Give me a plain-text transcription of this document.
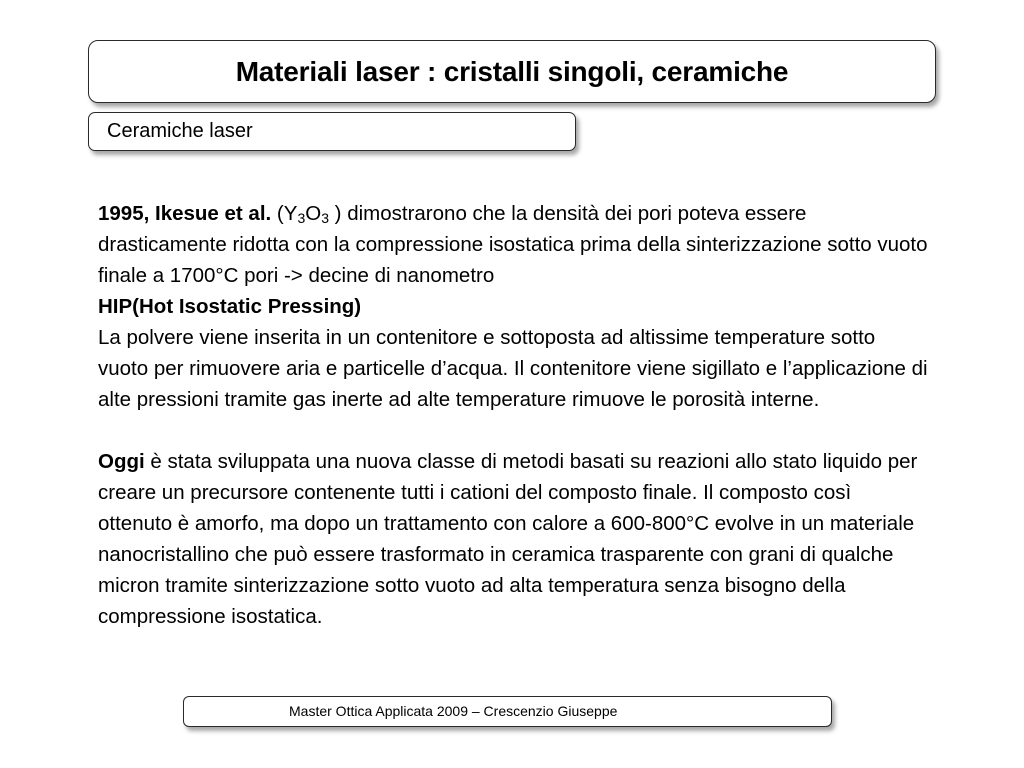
Materiali laser : cristalli singoli, ceramiche
Ceramiche laser

1995, Ikesue et al. ($Y_3O_3$ ) dimostrarono che la densità dei pori poteva essere drasticamente ridotta con la compressione isostatica prima della sinterizzazione sotto vuoto finale a 1700°C pori -> decine di nanometro

HIP(Hot Isostatic Pressing)

La polvere viene inserita in un contenitore e sottoposta ad altissime temperature sotto vuoto per rimuovere aria e particelle d’acqua. Il contenitore viene sigillato e l’applicazione di alte pressioni tramite gas inerte ad alte temperature rimuove le porosità interne.

Oggi è stata sviluppata una nuova classe di metodi basati su reazioni allo stato liquido per creare un precursore contenente tutti i cationi del composto finale. Il composto così ottenuto è amorfo, ma dopo un trattamento con calore a 600-800°C evolve in un materiale nanocristallino che può essere trasformato in ceramica trasparente con grani di qualche micron tramite sinterizzazione sotto vuoto ad alta temperatura senza bisogno della compressione isostatica.

Master Ottica Applicata 2009 – Crescenzio Giuseppe
